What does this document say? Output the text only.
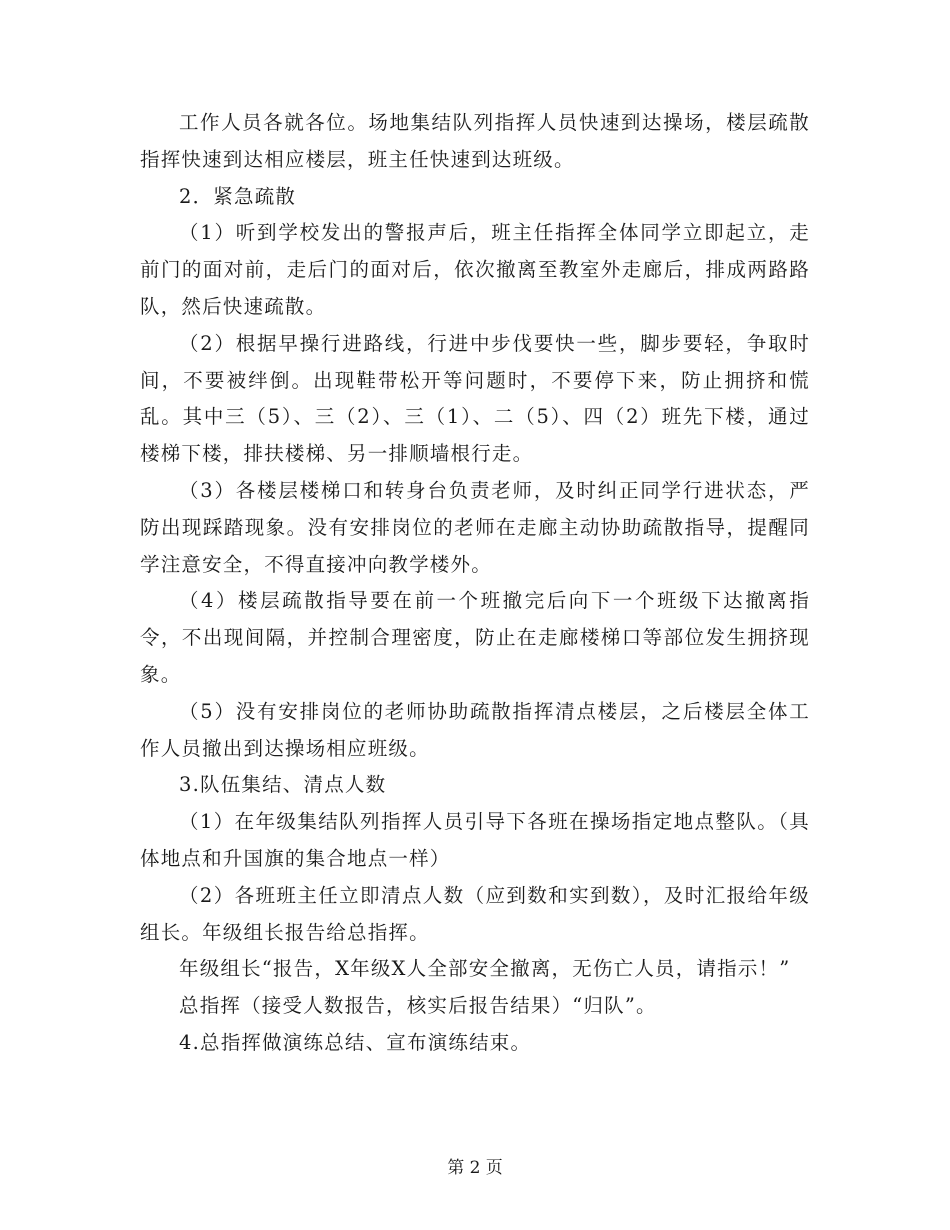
工作人员各就各位。场地集结队列指挥人员快速到达操场，楼层疏散指挥快速到达相应楼层，班主任快速到达班级。

2．紧急疏散

（1）听到学校发出的警报声后，班主任指挥全体同学立即起立，走前门的面对前，走后门的面对后，依次撤离至教室外走廊后，排成两路路队，然后快速疏散。

（2）根据早操行进路线，行进中步伐要快一些，脚步要轻，争取时间，不要被绊倒。出现鞋带松开等问题时，不要停下来，防止拥挤和慌乱。其中三（5）、三（2）、三（1）、二（5）、四（2）班先下楼，通过楼梯下楼，排扶楼梯、另一排顺墙根行走。

（3）各楼层楼梯口和转身台负责老师，及时纠正同学行进状态，严防出现踩踏现象。没有安排岗位的老师在走廊主动协助疏散指导，提醒同学注意安全，不得直接冲向教学楼外。

（4）楼层疏散指导要在前一个班撤完后向下一个班级下达撤离指令，不出现间隔，并控制合理密度，防止在走廊楼梯口等部位发生拥挤现象。

（5）没有安排岗位的老师协助疏散指挥清点楼层，之后楼层全体工作人员撤出到达操场相应班级。

3.队伍集结、清点人数

（1）在年级集结队列指挥人员引导下各班在操场指定地点整队。（具体地点和升国旗的集合地点一样）

（2）各班班主任立即清点人数（应到数和实到数），及时汇报给年级组长。年级组长报告给总指挥。

年级组长“报告，X年级X人全部安全撤离，无伤亡人员，请指示！”

总指挥（接受人数报告，核实后报告结果）“归队”。

4.总指挥做演练总结、宣布演练结束。

第 2 页
